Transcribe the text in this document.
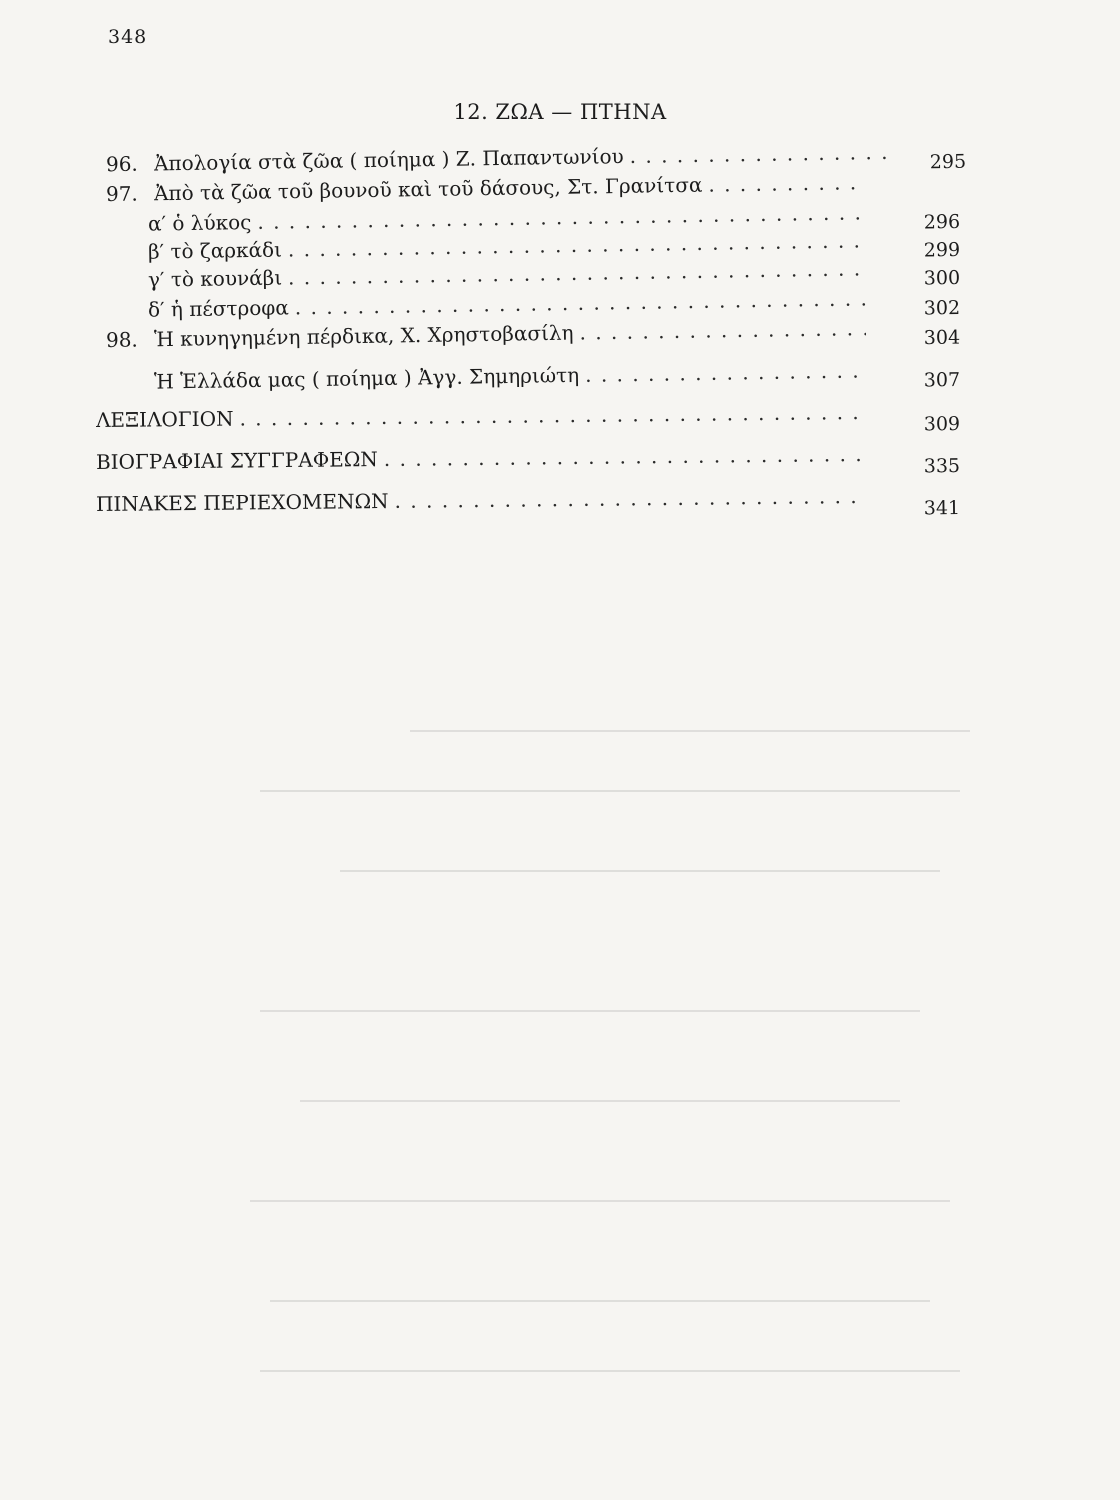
348
12. ΖΩΑ — ΠΤΗΝΑ
96. Ἀπολογία στὰ ζῶα ( ποίημα ) Ζ. Παπαντωνίου . . .	295
97. Ἀπὸ τὰ ζῶα τοῦ βουνοῦ καὶ τοῦ δάσους, Στ. Γρανίτσα
. . .
α′ ὁ λύκος . . .	296
β′ τὸ ζαρκάδι . . .	299
γ′ τὸ κουνάβι . . .	300
δ′ ἡ πέστροφα . . .	302
98. Ἡ κυνηγημένη πέρδικα, Χ. Χρηστοβασίλη . . .	304
Ἡ Ἑλλάδα μας ( ποίημα ) Ἀγγ. Σημηριώτη . . .	307
ΛΕΞΙΛΟΓΙΟΝ . . .	309
ΒΙΟΓΡΑΦΙΑΙ ΣΥΓΓΡΑΦΕΩΝ . . .	335
ΠΙΝΑΚΕΣ ΠΕΡΙΕΧΟΜΕΝΩΝ . . .	341
